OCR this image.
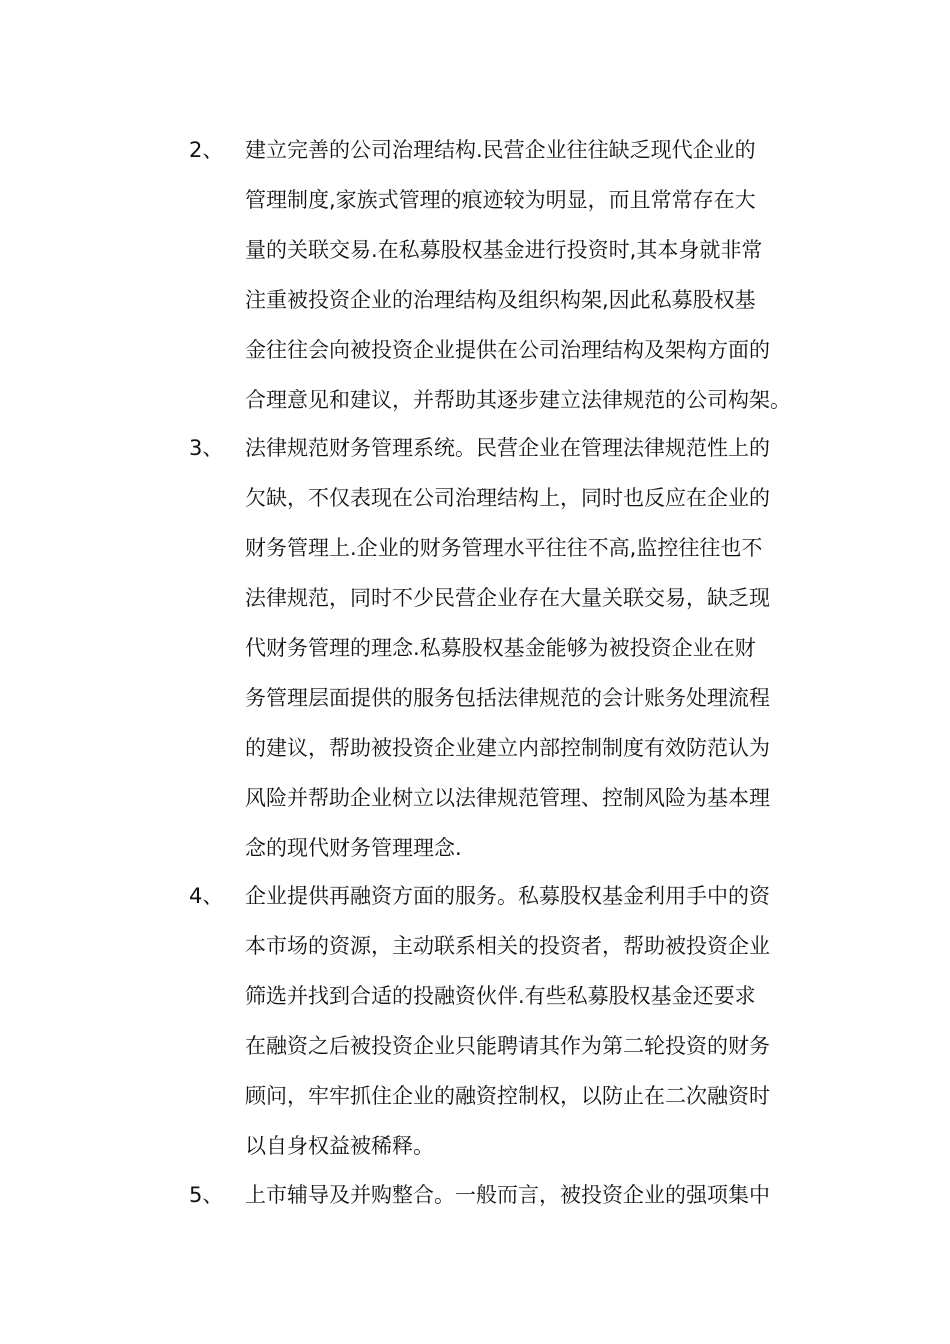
2、 建立完善的公司治理结构.民营企业往往缺乏现代企业的
管理制度,家族式管理的痕迹较为明显，而且常常存在大
量的关联交易.在私募股权基金进行投资时,其本身就非常
注重被投资企业的治理结构及组织构架,因此私募股权基
金往往会向被投资企业提供在公司治理结构及架构方面的
合理意见和建议，并帮助其逐步建立法律规范的公司构架。
3、 法律规范财务管理系统。民营企业在管理法律规范性上的
欠缺，不仅表现在公司治理结构上，同时也反应在企业的
财务管理上.企业的财务管理水平往往不高,监控往往也不
法律规范，同时不少民营企业存在大量关联交易，缺乏现
代财务管理的理念.私募股权基金能够为被投资企业在财
务管理层面提供的服务包括法律规范的会计账务处理流程
的建议，帮助被投资企业建立内部控制制度有效防范认为
风险并帮助企业树立以法律规范管理、控制风险为基本理
念的现代财务管理理念.
4、 企业提供再融资方面的服务。私募股权基金利用手中的资
本市场的资源，主动联系相关的投资者，帮助被投资企业
筛选并找到合适的投融资伙伴.有些私募股权基金还要求
在融资之后被投资企业只能聘请其作为第二轮投资的财务
顾问，牢牢抓住企业的融资控制权，以防止在二次融资时
以自身权益被稀释。
5、 上市辅导及并购整合。一般而言，被投资企业的强项集中
